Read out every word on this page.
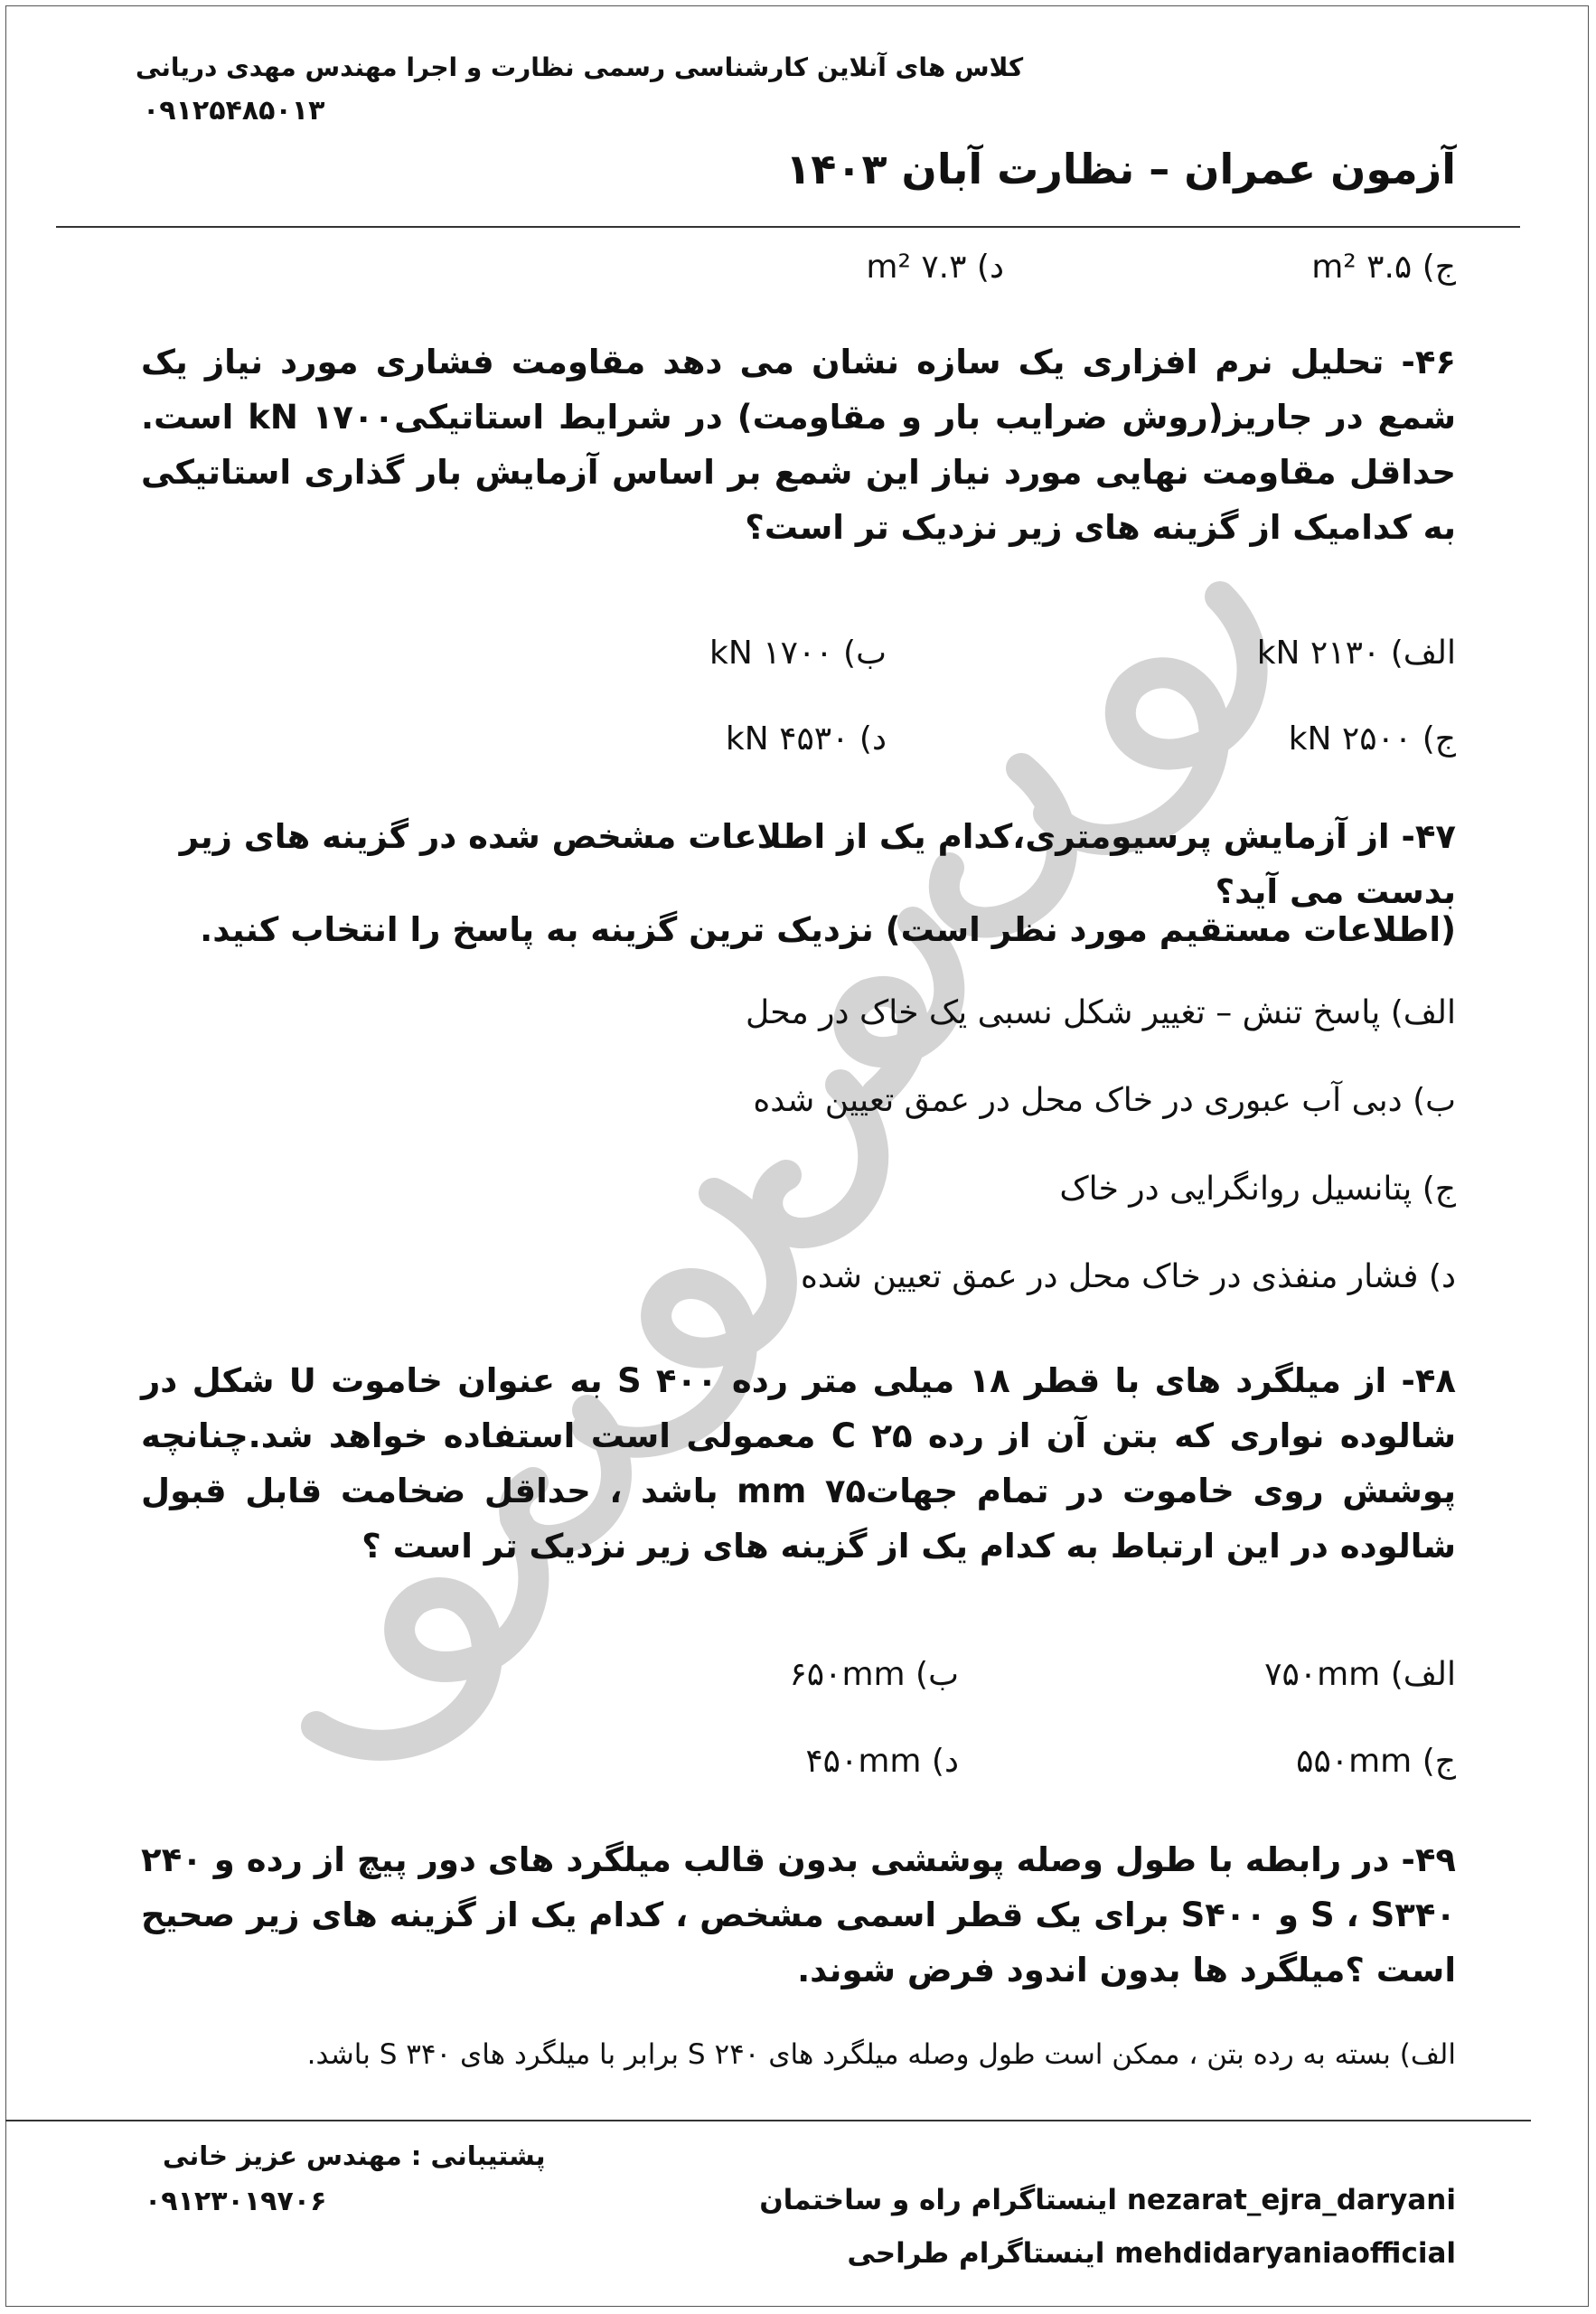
کلاس های آنلاین کارشناسی رسمی نظارت و اجرا مهندس مهدی دریانی
۰۹۱۲۵۴۸۵۰۱۳
آزمون عمران – نظارت آبان ۱۴۰۳
ج) ۳.۵ m²
د) ۷.۳ m²
۴۶- تحلیل نرم افزاری یک سازه نشان می دهد مقاومت فشاری مورد نیاز یک شمع در جاریز(روش ضرایب بار و مقاومت) در شرایط استاتیکی۱۷۰۰ kN است. حداقل مقاومت نهایی مورد نیاز این شمع بر اساس آزمایش بار گذاری استاتیکی به کدامیک از گزینه های زیر نزدیک تر است؟
الف) ۲۱۳۰ kN
ب) ۱۷۰۰ kN
ج) ۲۵۰۰ kN
د) ۴۵۳۰ kN
۴۷- از آزمایش پرسیومتری،کدام یک از اطلاعات مشخص شده در گزینه های زیر بدست می آید؟
(اطلاعات مستقیم مورد نظر است) نزدیک ترین گزینه به پاسخ را انتخاب کنید.
الف) پاسخ تنش – تغییر شکل نسبی یک خاک در محل
ب) دبی آب عبوری در خاک محل در عمق تعیین شده
ج) پتانسیل روانگرایی در خاک
د) فشار منفذی در خاک محل در عمق تعیین شده
۴۸- از میلگرد های با قطر ۱۸ میلی متر رده ۴۰۰ S به عنوان خاموت U شکل در شالوده نواری که بتن آن از رده ۲۵ C معمولی است استفاده خواهد شد.چنانچه پوشش روی خاموت در تمام جهات۷۵ mm باشد ، حداقل ضخامت قابل قبول شالوده در این ارتباط به کدام یک از گزینه های زیر نزدیک تر است ؟
الف) ۷۵۰mm
ب) ۶۵۰mm
ج) ۵۵۰mm
د) ۴۵۰mm
۴۹- در رابطه با طول وصله پوششی بدون قالب میلگرد های دور پیچ از رده و ۲۴۰ S ، S۳۴۰ و S۴۰۰ برای یک قطر اسمی مشخص ، کدام یک از گزینه های زیر صحیح است ؟میلگرد ها بدون اندود فرض شوند.
الف) بسته به رده بتن ، ممکن است طول وصله میلگرد های ۲۴۰ S برابر با میلگرد های ۳۴۰ S باشد.
پشتیبانی : مهندس عزیز خانی
۰۹۱۲۳۰۱۹۷۰۶	nezarat_ejra_daryani اینستاگرام راه و ساختمان
mehdidaryaniaofficial اینستاگرام طراحی
